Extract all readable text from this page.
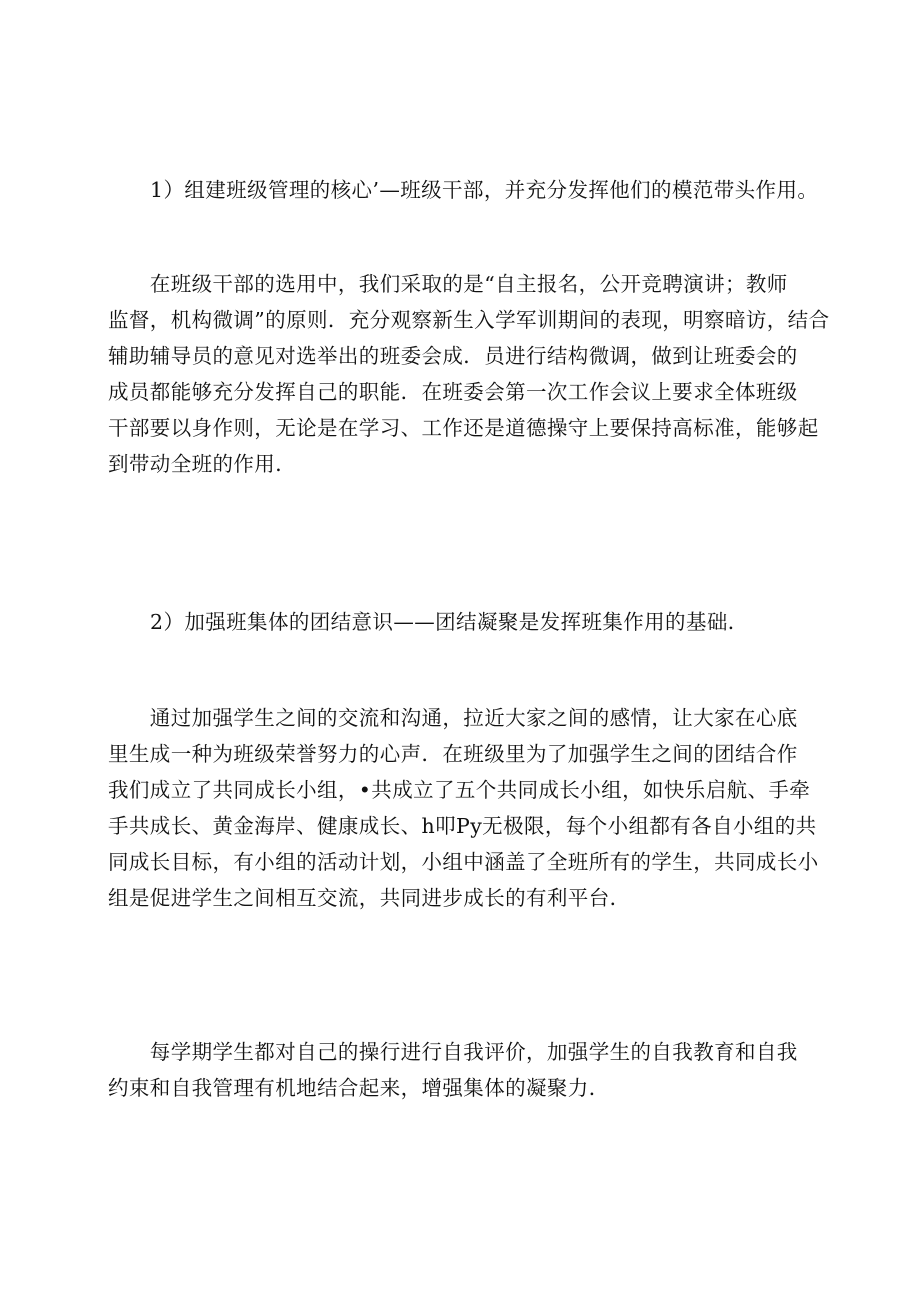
1）组建班级管理的核心’—班级干部，并充分发挥他们的模范带头作用。

　　在班级干部的选用中，我们采取的是“自主报名，公开竞聘演讲；教师
监督，机构微调”的原则．充分观察新生入学军训期间的表现，明察暗访，结合
辅助辅导员的意见对选举出的班委会成．员进行结构微调，做到让班委会的
成员都能够充分发挥自己的职能．在班委会第一次工作会议上要求全体班级
干部要以身作则，无论是在学习、工作还是道德操守上要保持高标准，能够起
到带动全班的作用．

2）加强班集体的团结意识——团结凝聚是发挥班集作用的基础．

　　通过加强学生之间的交流和沟通，拉近大家之间的感情，让大家在心底
里生成一种为班级荣誉努力的心声．在班级里为了加强学生之间的团结合作
我们成立了共同成长小组，•共成立了五个共同成长小组，如快乐启航、手牵
手共成长、黄金海岸、健康成长、h叩Py无极限，每个小组都有各自小组的共
同成长目标，有小组的活动计划，小组中涵盖了全班所有的学生，共同成长小
组是促进学生之间相互交流，共同进步成长的有利平台．

　　每学期学生都对自己的操行进行自我评价，加强学生的自我教育和自我
约束和自我管理有机地结合起来，增强集体的凝聚力．
